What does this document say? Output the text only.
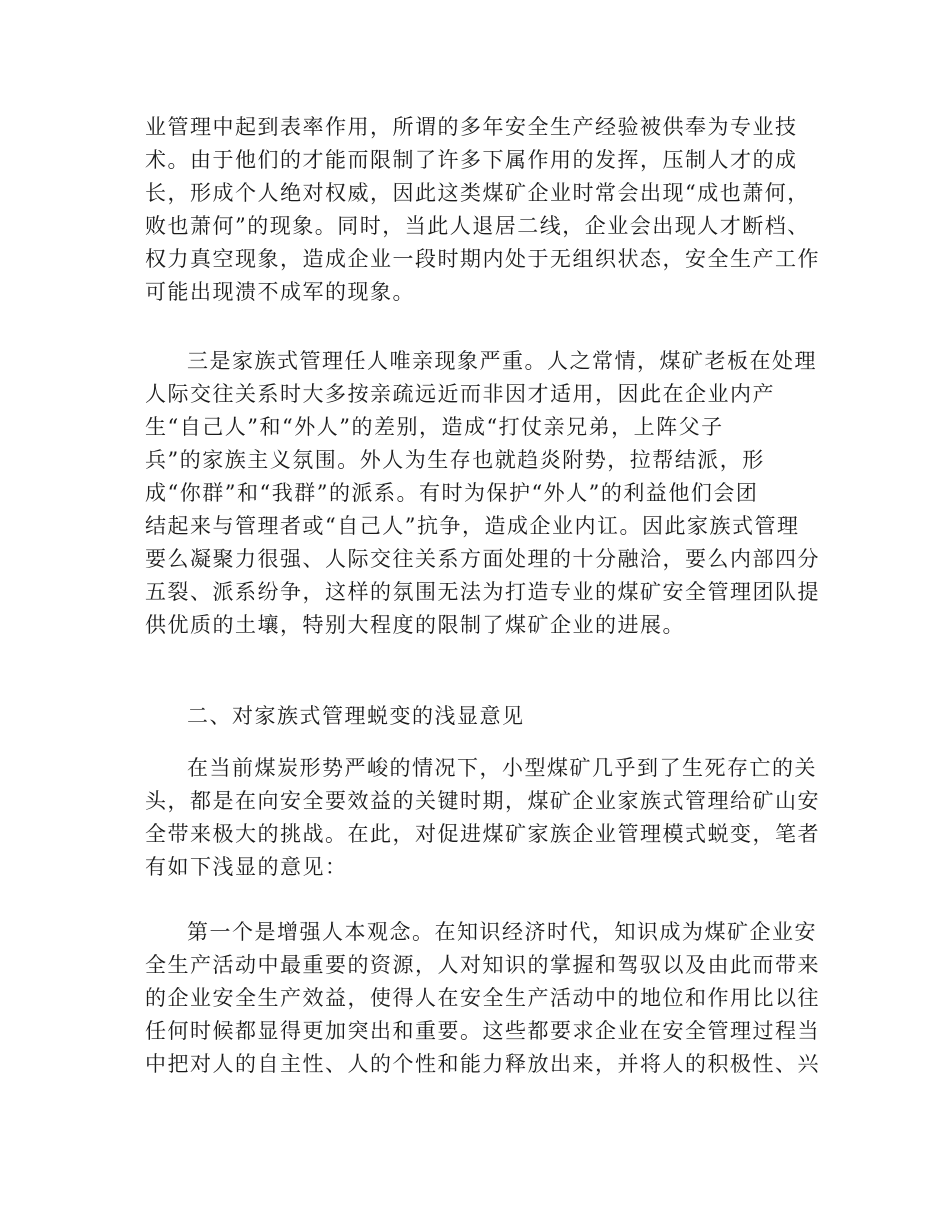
业管理中起到表率作用，所谓的多年安全生产经验被供奉为专业技
术。由于他们的才能而限制了许多下属作用的发挥，压制人才的成
长，形成个人绝对权威，因此这类煤矿企业时常会出现“成也萧何，
败也萧何”的现象。同时，当此人退居二线，企业会出现人才断档、
权力真空现象，造成企业一段时期内处于无组织状态，安全生产工作
可能出现溃不成军的现象。
三是家族式管理任人唯亲现象严重。人之常情，煤矿老板在处理
人际交往关系时大多按亲疏远近而非因才适用，因此在企业内产
生“自己人”和“外人”的差别，造成“打仗亲兄弟，上阵父子
兵”的家族主义氛围。外人为生存也就趋炎附势，拉帮结派，形
成“你群”和“我群”的派系。有时为保护“外人”的利益他们会团
结起来与管理者或“自己人”抗争，造成企业内讧。因此家族式管理
要么凝聚力很强、人际交往关系方面处理的十分融洽，要么内部四分
五裂、派系纷争，这样的氛围无法为打造专业的煤矿安全管理团队提
供优质的土壤，特别大程度的限制了煤矿企业的进展。
二、对家族式管理蜕变的浅显意见
在当前煤炭形势严峻的情况下，小型煤矿几乎到了生死存亡的关
头，都是在向安全要效益的关键时期，煤矿企业家族式管理给矿山安
全带来极大的挑战。在此，对促进煤矿家族企业管理模式蜕变，笔者
有如下浅显的意见：
第一个是增强人本观念。在知识经济时代，知识成为煤矿企业安
全生产活动中最重要的资源，人对知识的掌握和驾驭以及由此而带来
的企业安全生产效益，使得人在安全生产活动中的地位和作用比以往
任何时候都显得更加突出和重要。这些都要求企业在安全管理过程当
中把对人的自主性、人的个性和能力释放出来，并将人的积极性、兴
